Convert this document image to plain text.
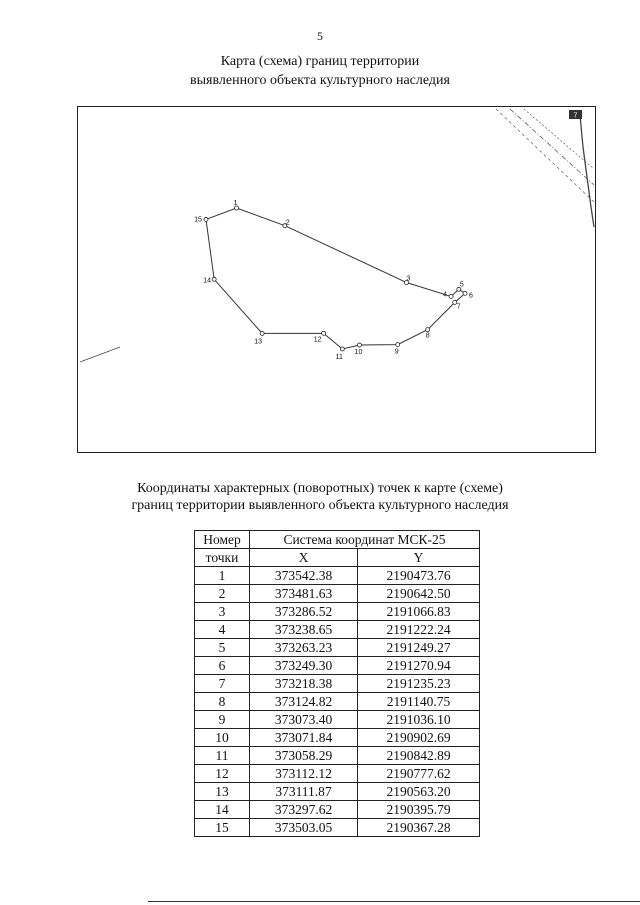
5
Карта (схема) границ территории
выявленного объекта культурного наследия
7
1
2
3
4
5
6
7
8
9
10
11
12
13
14
15
Координаты характерных (поворотных) точек к карте (схеме)
границ территории выявленного объекта культурного наследия
Номер	Система координат МСК-25	
точки	X	Y
1	373542.38	2190473.76
2	373481.63	2190642.50
3	373286.52	2191066.83
4	373238.65	2191222.24
5	373263.23	2191249.27
6	373249.30	2191270.94
7	373218.38	2191235.23
8	373124.82	2191140.75
9	373073.40	2191036.10
10	373071.84	2190902.69
11	373058.29	2190842.89
12	373112.12	2190777.62
13	373111.87	2190563.20
14	373297.62	2190395.79
15	373503.05	2190367.28
